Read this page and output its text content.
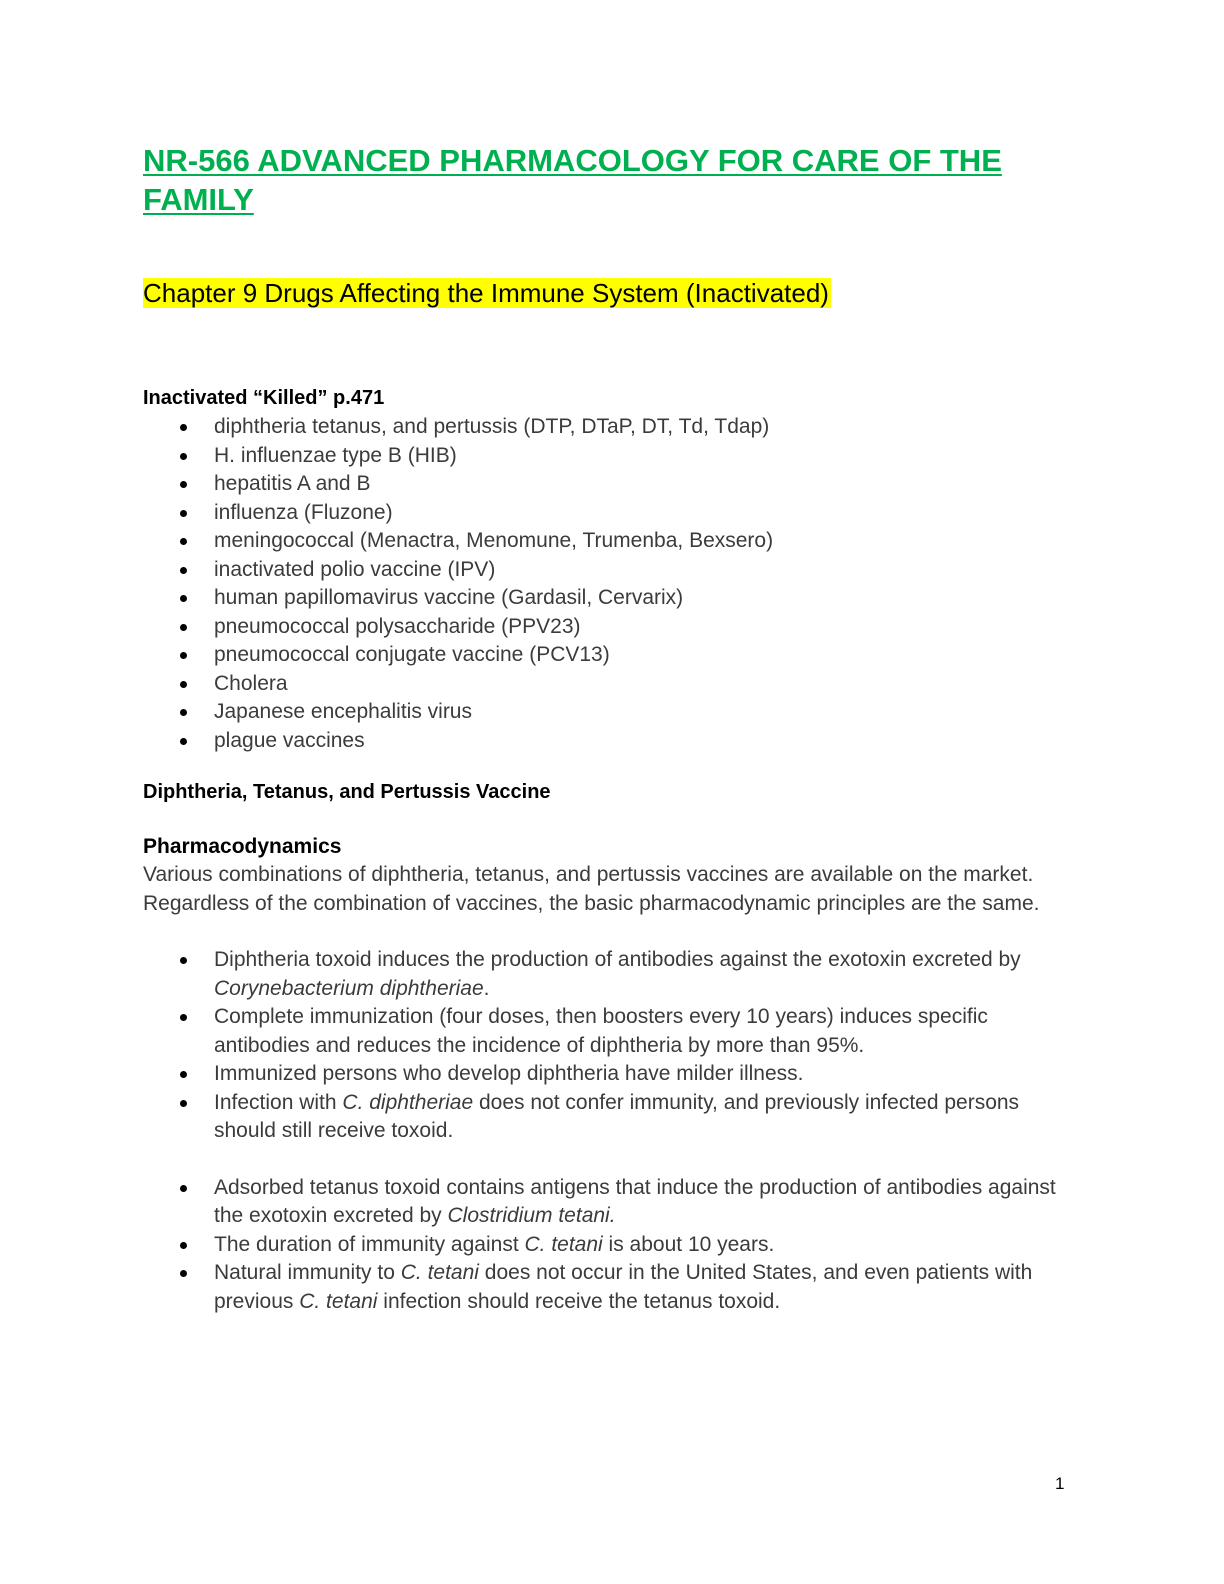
NR-566 ADVANCED PHARMACOLOGY FOR CARE OF THE FAMILY
Chapter 9 Drugs Affecting the Immune System (Inactivated)
Inactivated “Killed” p.471
diphtheria tetanus, and pertussis (DTP, DTaP, DT, Td, Tdap)
H. influenzae type B (HIB)
hepatitis A and B
influenza (Fluzone)
meningococcal (Menactra, Menomune, Trumenba, Bexsero)
inactivated polio vaccine (IPV)
human papillomavirus vaccine (Gardasil, Cervarix)
pneumococcal polysaccharide (PPV23)
pneumococcal conjugate vaccine (PCV13)
Cholera
Japanese encephalitis virus
plague vaccines
Diphtheria, Tetanus, and Pertussis Vaccine
Pharmacodynamics

Various combinations of diphtheria, tetanus, and pertussis vaccines are available on the market.

Regardless of the combination of vaccines, the basic pharmacodynamic principles are the same.

Diphtheria toxoid induces the production of antibodies against the exotoxin excreted by Corynebacterium diphtheriae.
Complete immunization (four doses, then boosters every 10 years) induces specific antibodies and reduces the incidence of diphtheria by more than 95%.
Immunized persons who develop diphtheria have milder illness.
Infection with C. diphtheriae does not confer immunity, and previously infected persons should still receive toxoid.
Adsorbed tetanus toxoid contains antigens that induce the production of antibodies against the exotoxin excreted by Clostridium tetani.
The duration of immunity against C. tetani is about 10 years.
Natural immunity to C. tetani does not occur in the United States, and even patients with previous C. tetani infection should receive the tetanus toxoid.
1
